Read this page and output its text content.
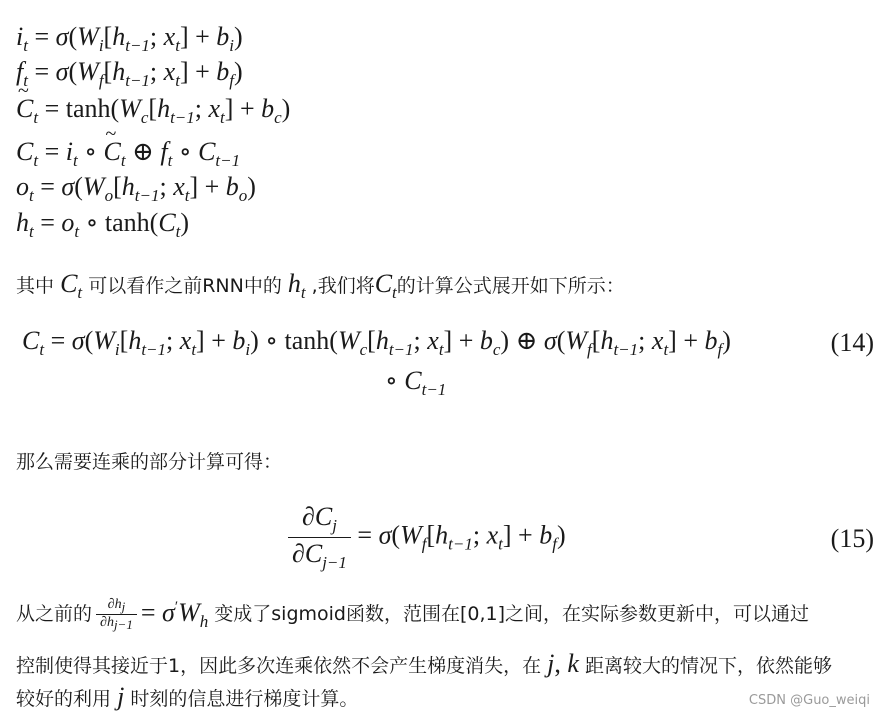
$i_t = \sigma(W_i[h_{t-1}$; $x_t] + b_i$)
$f_t = \sigma(W_f[h_{t-1}$; $x_t] + b_f$)
~ $C_t = \tanh(W_c[h_{t-1}$; $x_t] + b_c$)
$C_t = i_t$ ∘ ~ $C_t$ ⊕ $f_t$ ∘ $C_{t-1}$
$o_t = \sigma(W_o[h_{t-1}$; $x_t] + b_o$)
$h_t = o_t$ ∘ $\tanh(C_t)$
其中 $C_t$ 可以看作之前RNN中的 $h_t$ ,我们将$C_t$的计算公式展开如下所示：
$C_t = \sigma(W_i[h_{t-1}$; $x_t] + b_i$) ∘ $\tanh(W_c[h_{t-1}$; $x_t] + b_c$) ⊕ $\sigma(W_f[h_{t-1}$; $x_t] + b_f$)
∘ $C_{t-1}$
(14)
那么需要连乘的部分计算可得：
$\frac{\partial C_j}{\partial C_{j-1}} = \sigma(W_f[h_{t-1}$; $x_t] + b_f$)	(15)
从之前的 $\frac{\partial hj}{\partial hj-1} = \sigma'W_h$ 变成了sigmoid函数，范围在[0,1]之间，在实际参数更新中，可以通过
控制使得其接近于1，因此多次连乘依然不会产生梯度消失，在 j, k 距离较大的情况下，依然能够
较好的利用 j 时刻的信息进行梯度计算。	CSDN @Guo_weiqi
